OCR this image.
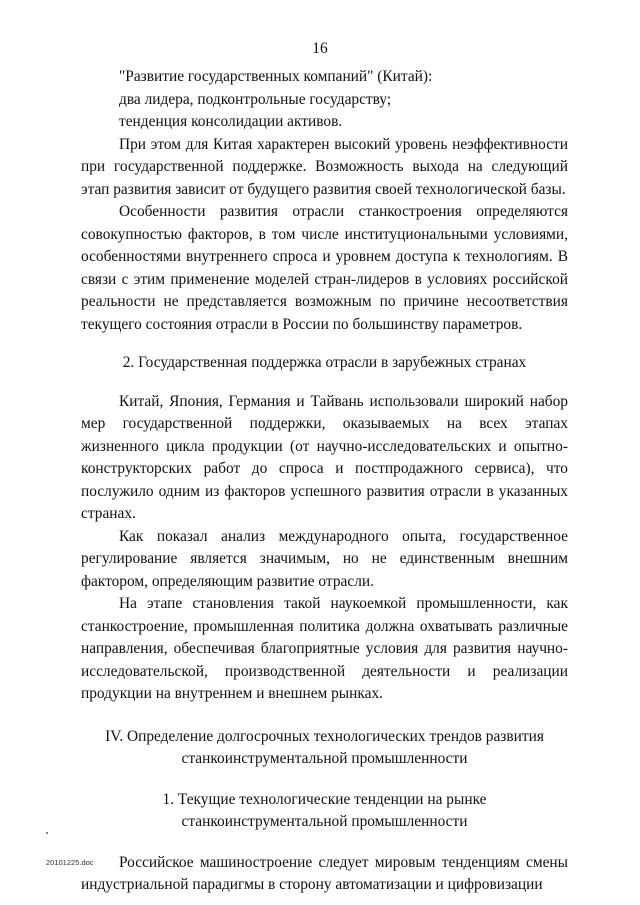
16

"Развитие государственных компаний" (Китай):

два лидера, подконтрольные государству;

тенденция консолидации активов.

При этом для Китая характерен высокий уровень неэффективности при государственной поддержке. Возможность выхода на следующий этап развития зависит от будущего развития своей технологической базы.

Особенности развития отрасли станкостроения определяются совокупностью факторов, в том числе институциональными условиями, особенностями внутреннего спроса и уровнем доступа к технологиям. В связи с этим применение моделей стран-лидеров в условиях российской реальности не представляется возможным по причине несоответствия текущего состояния отрасли в России по большинству параметров.

2. Государственная поддержка отрасли в зарубежных странах

Китай, Япония, Германия и Тайвань использовали широкий набор мер государственной поддержки, оказываемых на всех этапах жизненного цикла продукции (от научно-исследовательских и опытно-конструкторских работ до спроса и постпродажного сервиса), что послужило одним из факторов успешного развития отрасли в указанных странах.

Как показал анализ международного опыта, государственное регулирование является значимым, но не единственным внешним фактором, определяющим развитие отрасли.

На этапе становления такой наукоемкой промышленности, как станкостроение, промышленная политика должна охватывать различные направления, обеспечивая благоприятные условия для развития научно-исследовательской, производственной деятельности и реализации продукции на внутреннем и внешнем рынках.

IV. Определение долгосрочных технологических трендов развития

станкоинструментальной промышленности

1. Текущие технологические тенденции на рынке

станкоинструментальной промышленности

Российское машиностроение следует мировым тенденциям смены индустриальной парадигмы в сторону автоматизации и цифровизации

20101225.doc
